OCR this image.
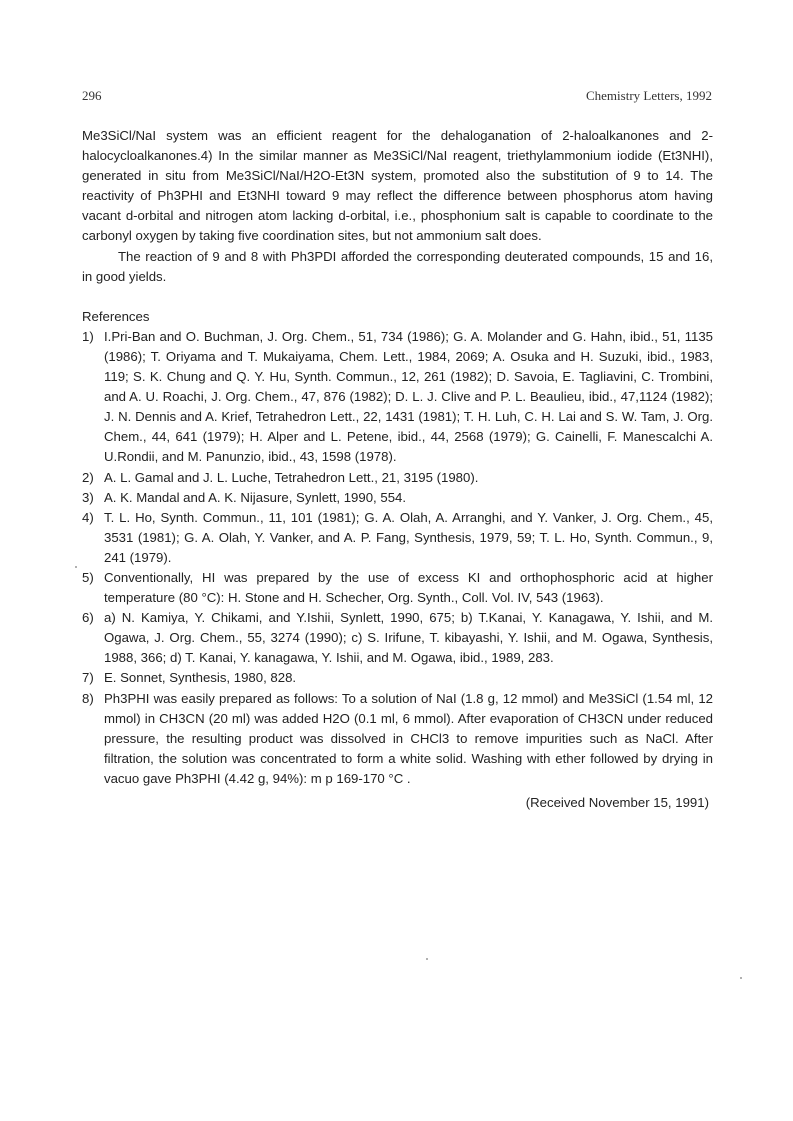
296	Chemistry Letters, 1992

Me3SiCl/NaI system was an efficient reagent for the dehaloganation of 2-haloalkanones and 2-halocycloalkanones.4) In the similar manner as Me3SiCl/NaI reagent, triethylammonium iodide (Et3NHI), generated in situ from Me3SiCl/NaI/H2O-Et3N system, promoted also the substitution of 9 to 14. The reactivity of Ph3PHI and Et3NHI toward 9 may reflect the difference between phosphorus atom having vacant d-orbital and nitrogen atom lacking d-orbital, i.e., phosphonium salt is capable to coordinate to the carbonyl oxygen by taking five coordination sites, but not ammonium salt does.

The reaction of 9 and 8 with Ph3PDI afforded the corresponding deuterated compounds, 15 and 16, in good yields.

References

1) I.Pri-Ban and O. Buchman, J. Org. Chem., 51, 734 (1986); G. A. Molander and G. Hahn, ibid., 51, 1135 (1986); T. Oriyama and T. Mukaiyama, Chem. Lett., 1984, 2069; A. Osuka and H. Suzuki, ibid., 1983, 119; S. K. Chung and Q. Y. Hu, Synth. Commun., 12, 261 (1982); D. Savoia, E. Tagliavini, C. Trombini, and A. U. Roachi, J. Org. Chem., 47, 876 (1982); D. L. J. Clive and P. L. Beaulieu, ibid., 47,1124 (1982); J. N. Dennis and A. Krief, Tetrahedron Lett., 22, 1431 (1981); T. H. Luh, C. H. Lai and S. W. Tam, J. Org. Chem., 44, 641 (1979); H. Alper and L. Petene, ibid., 44, 2568 (1979); G. Cainelli, F. Manescalchi A. U.Rondii, and M. Panunzio, ibid., 43, 1598 (1978).
2) A. L. Gamal and J. L. Luche, Tetrahedron Lett., 21, 3195 (1980).
3) A. K. Mandal and A. K. Nijasure, Synlett, 1990, 554.
4) T. L. Ho, Synth. Commun., 11, 101 (1981); G. A. Olah, A. Arranghi, and Y. Vanker, J. Org. Chem., 45, 3531 (1981); G. A. Olah, Y. Vanker, and A. P. Fang, Synthesis, 1979, 59; T. L. Ho, Synth. Commun., 9, 241 (1979).
5) Conventionally, HI was prepared by the use of excess KI and orthophosphoric acid at higher temperature (80 °C): H. Stone and H. Schecher, Org. Synth., Coll. Vol. IV, 543 (1963).
6) a) N. Kamiya, Y. Chikami, and Y.Ishii, Synlett, 1990, 675; b) T.Kanai, Y. Kanagawa, Y. Ishii, and M. Ogawa, J. Org. Chem., 55, 3274 (1990); c) S. Irifune, T. kibayashi, Y. Ishii, and M. Ogawa, Synthesis, 1988, 366; d) T. Kanai, Y. kanagawa, Y. Ishii, and M. Ogawa, ibid., 1989, 283.
7) E. Sonnet, Synthesis, 1980, 828.
8) Ph3PHI was easily prepared as follows: To a solution of NaI (1.8 g, 12 mmol) and Me3SiCl (1.54 ml, 12 mmol) in CH3CN (20 ml) was added H2O (0.1 ml, 6 mmol). After evaporation of CH3CN under reduced pressure, the resulting product was dissolved in CHCl3 to remove impurities such as NaCl. After filtration, the solution was concentrated to form a white solid. Washing with ether followed by drying in vacuo gave Ph3PHI (4.42 g, 94%): m p 169-170 °C .

(Received November 15, 1991)
